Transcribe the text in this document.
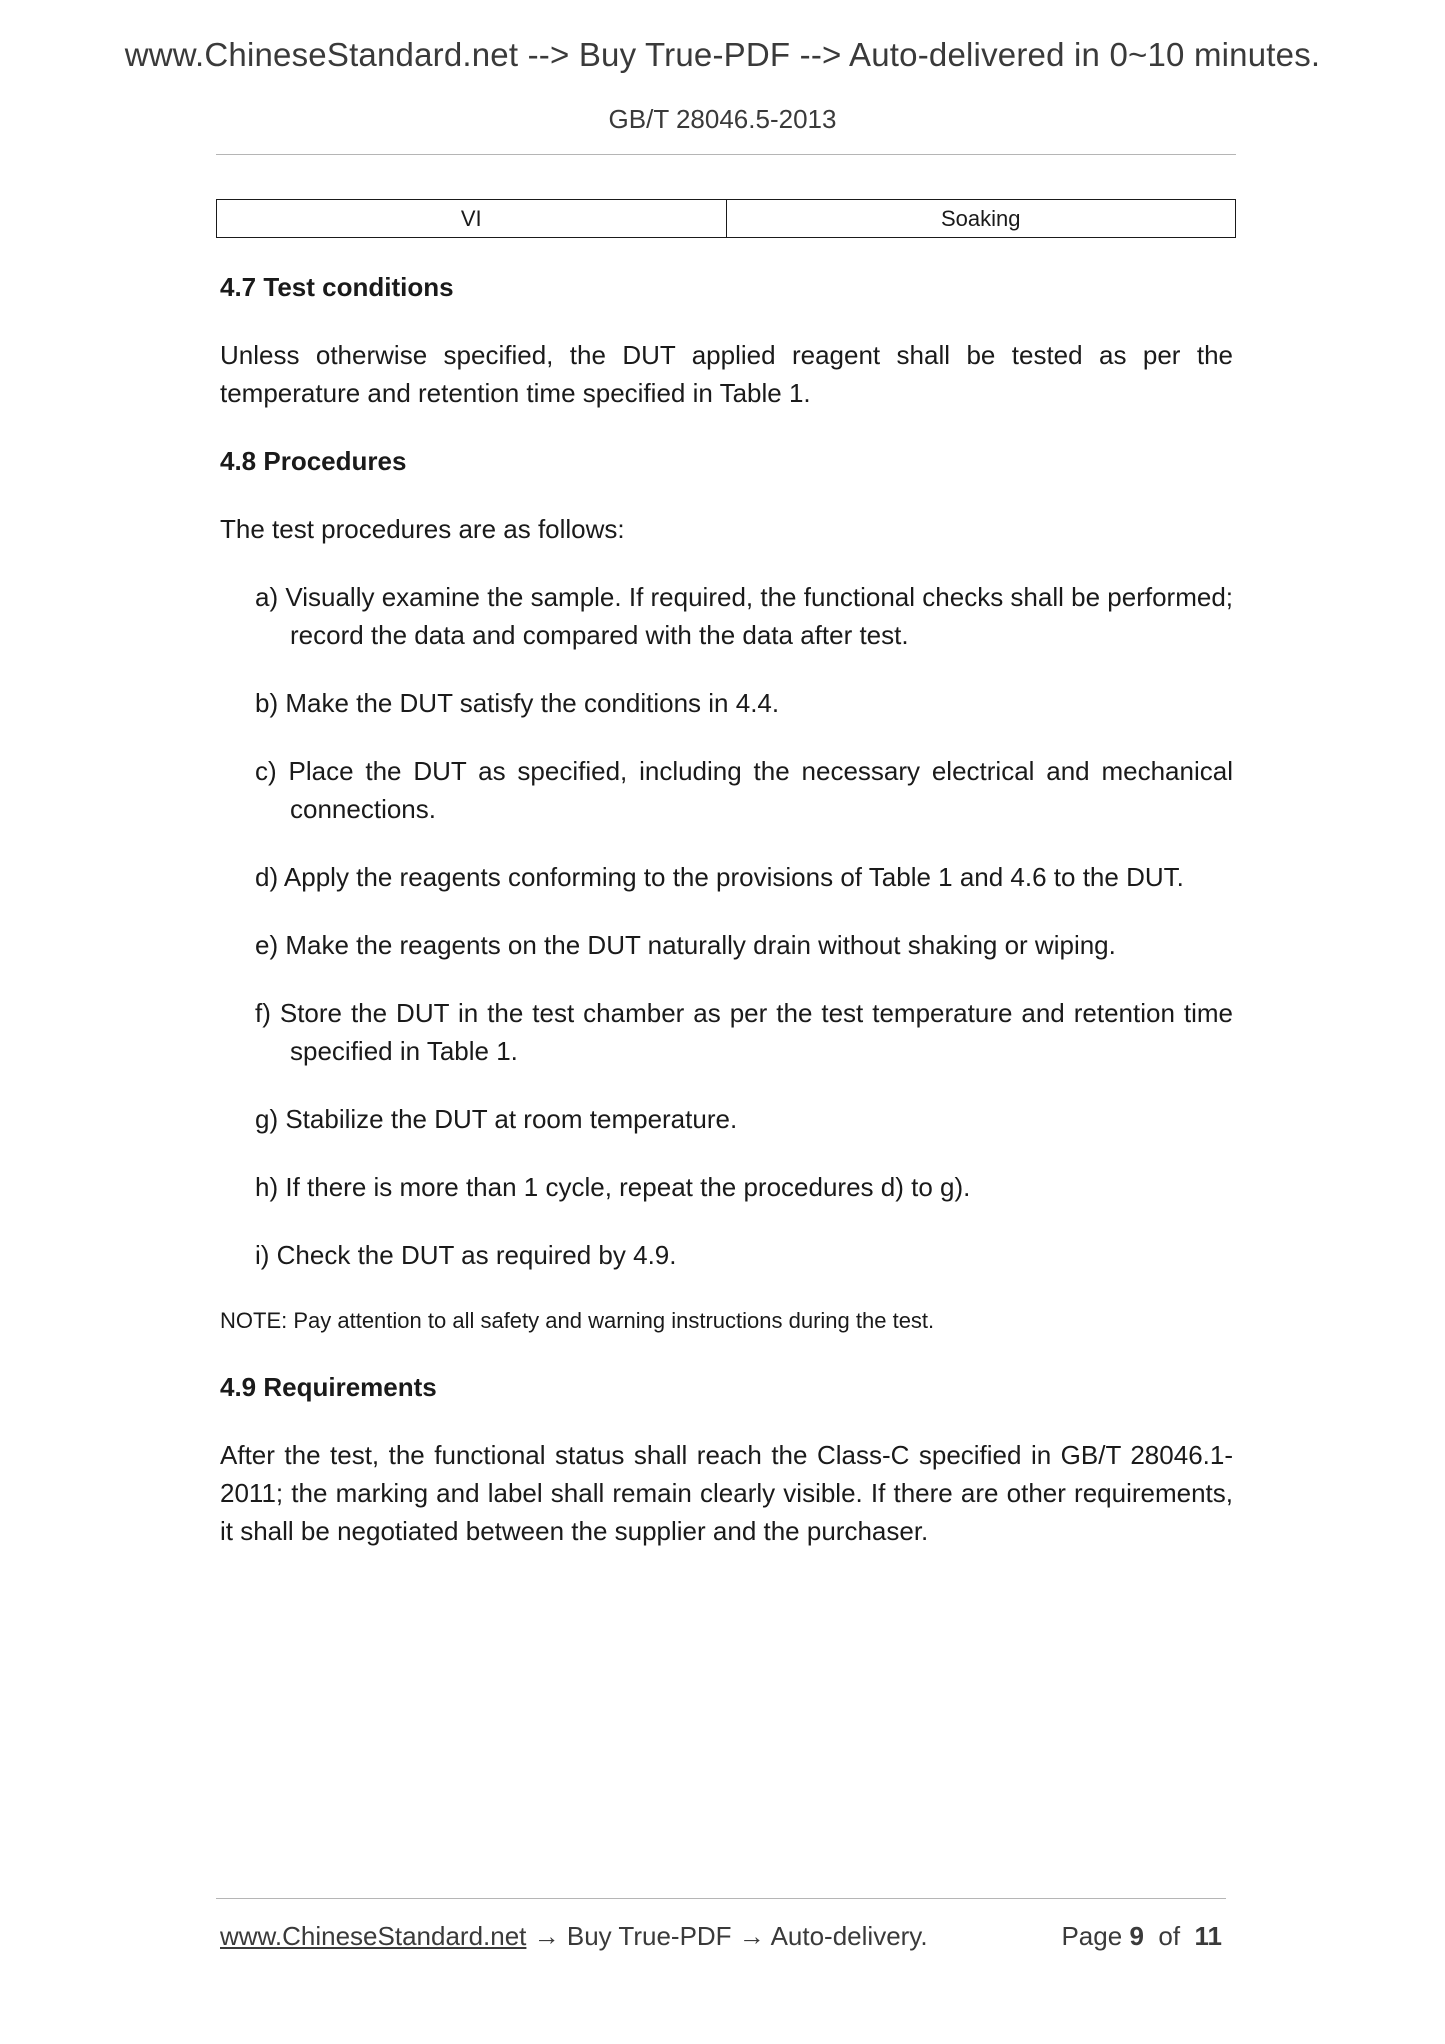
www.ChineseStandard.net --> Buy True-PDF --> Auto-delivered in 0~10 minutes.
GB/T 28046.5-2013
VI	Soaking

4.7 Test conditions

Unless otherwise specified, the DUT applied reagent shall be tested as per the temperature and retention time specified in Table 1.

4.8 Procedures

The test procedures are as follows:

a) Visually examine the sample. If required, the functional checks shall be performed; record the data and compared with the data after test.

b) Make the DUT satisfy the conditions in 4.4.

c) Place the DUT as specified, including the necessary electrical and mechanical connections.

d) Apply the reagents conforming to the provisions of Table 1 and 4.6 to the DUT.

e) Make the reagents on the DUT naturally drain without shaking or wiping.

f) Store the DUT in the test chamber as per the test temperature and retention time specified in Table 1.

g) Stabilize the DUT at room temperature.

h) If there is more than 1 cycle, repeat the procedures d) to g).

i) Check the DUT as required by 4.9.

NOTE: Pay attention to all safety and warning instructions during the test.

4.9 Requirements

After the test, the functional status shall reach the Class-C specified in GB/T 28046.1-2011; the marking and label shall remain clearly visible. If there are other requirements, it shall be negotiated between the supplier and the purchaser.

www.ChineseStandard.net → Buy True-PDF → Auto-delivery.	Page 9 of 11
